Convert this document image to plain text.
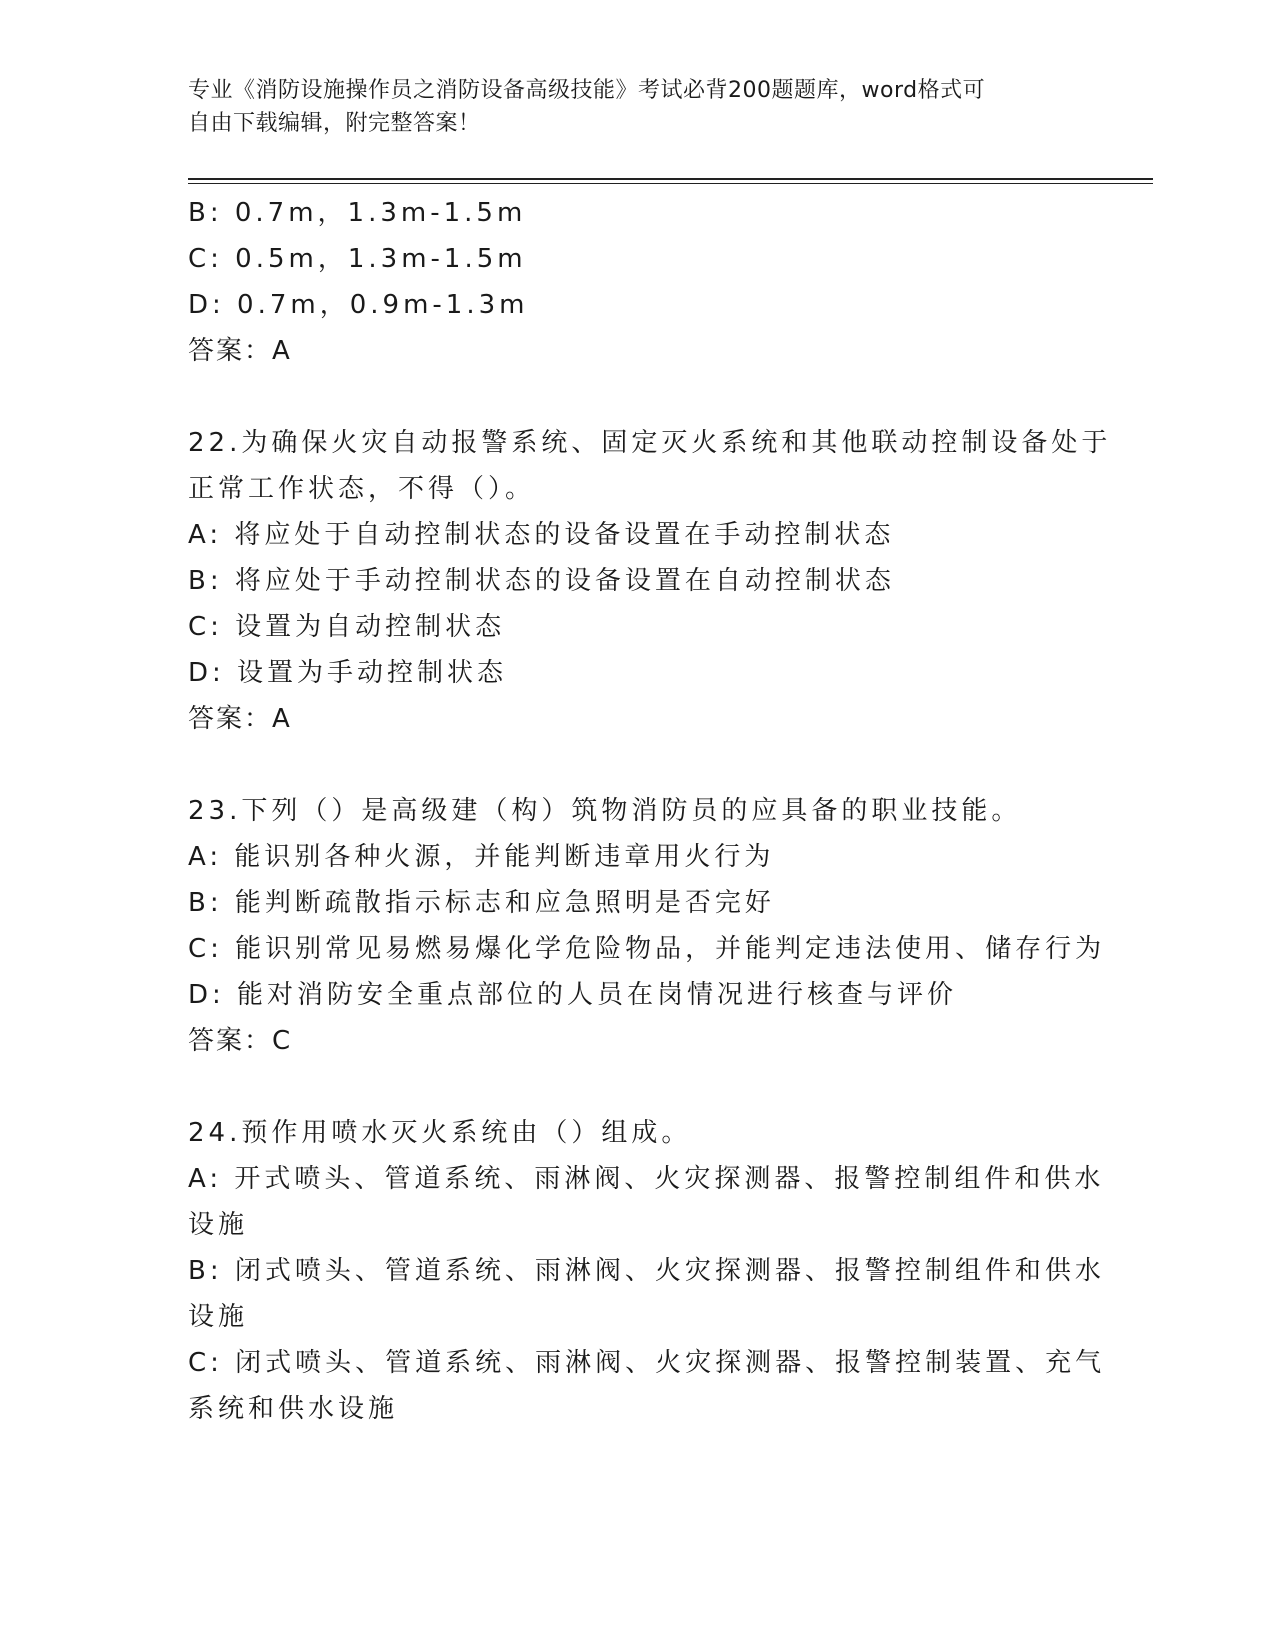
专业《消防设施操作员之消防设备高级技能》考试必背200题题库，word格式可
自由下载编辑，附完整答案！
B: 0.7m，1.3m-1.5m
C: 0.5m，1.3m-1.5m
D: 0.7m，0.9m-1.3m
答案：A
22.为确保火灾自动报警系统、固定灭火系统和其他联动控制设备处于
正常工作状态，不得（）。
A: 将应处于自动控制状态的设备设置在手动控制状态
B: 将应处于手动控制状态的设备设置在自动控制状态
C: 设置为自动控制状态
D: 设置为手动控制状态
答案：A
23.下列（）是高级建（构）筑物消防员的应具备的职业技能。
A: 能识别各种火源，并能判断违章用火行为
B: 能判断疏散指示标志和应急照明是否完好
C: 能识别常见易燃易爆化学危险物品，并能判定违法使用、储存行为
D: 能对消防安全重点部位的人员在岗情况进行核查与评价
答案：C
24.预作用喷水灭火系统由（）组成。
A: 开式喷头、管道系统、雨淋阀、火灾探测器、报警控制组件和供水
设施
B: 闭式喷头、管道系统、雨淋阀、火灾探测器、报警控制组件和供水
设施
C: 闭式喷头、管道系统、雨淋阀、火灾探测器、报警控制装置、充气
系统和供水设施
